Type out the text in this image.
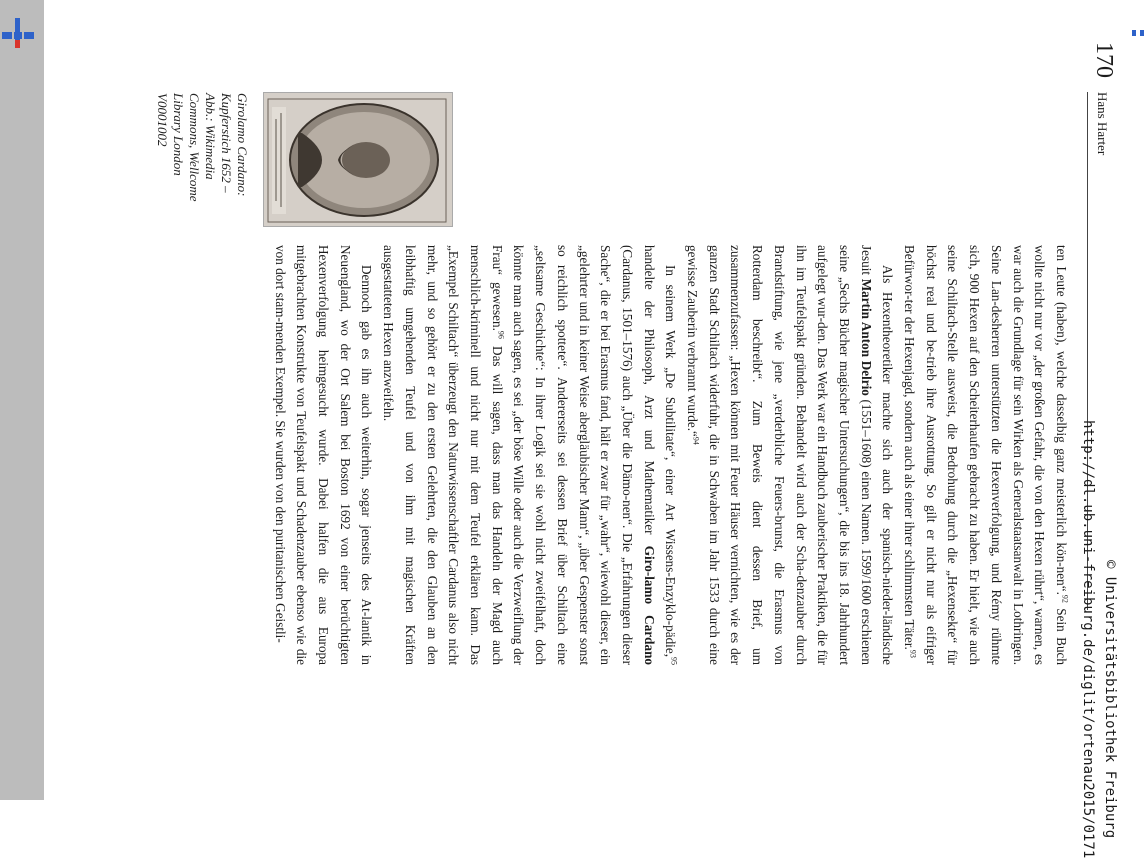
170
Hans Harter

ten Leute (haben), welche dasselbig ganz meisterlich kön-nen“.$^{92}$ Sein Buch wollte nicht nur vor „der großen Gefahr, die von den Hexen rührt“, warnen, es war auch die Grundlage für sein Wirken als Generalstaatsanwalt in Lothringen. Seine Lan-desherren unterstützten die Hexenverfolgung, und Rémy rühmte sich, 900 Hexen auf den Scheiterhaufen gebracht zu haben. Er hielt, wie auch seine Schiltach-Stelle ausweist, die Bedrohung durch die „Hexensekte“ für höchst real und be-trieb ihre Ausrottung. So gilt er nicht nur als eifriger Befürwor-ter der Hexenjagd, sondern auch als einer ihrer schlimmsten Täter.$^{93}$

Als Hexentheoretiker machte sich auch der spanisch-nieder-ländische Jesuit Martin Anton Delrio (1551–1608) einen Namen. 1599/1600 erschienen seine „Sechs Bücher magischer Untersuchungen“, die bis ins 18. Jahrhundert aufgelegt wur-den. Das Werk war ein Handbuch zauberischer Praktiken, die für ihn im Teufelspakt gründen. Behandelt wird auch der Scha-denzauber durch Brandstiftung, wie jene „verderbliche Feuers-brunst, die Erasmus von Rotterdam beschreibt“. Zum Beweis dient dessen Brief, um zusammenzufassen: „Hexen können mit Feuer Häuser vernichten, wie es der ganzen Stadt Schiltach widerfuhr, die in Schwaben im Jahr 1533 durch eine gewisse Zauberin verbrannt wurde.“$^{94}$

In seinem Werk „De Subtilitate“, einer Art Wissens-Enzyklo-pädie,$^{95}$ handelte der Philosoph, Arzt und Mathematiker Giro-lamo Cardano (Cardanus, 1501–1576) auch „Über die Dämo-nen“. Die „Erfahrungen dieser Sache“, die er bei Erasmus fand, hält er zwar für „wahr“, wiewohl dieser, ein „gelehrter und in keiner Weise abergläubischer Mann“, „über Gespenster sonst so reichlich spottete“. Andererseits sei dessen Brief über Schiltach eine „seltsame Geschichte“: In ihrer Logik sei sie wohl nicht zweifelhaft, doch könnte man auch sagen, es sei „der böse Wille oder auch die Verzweiflung der Frau“ gewesen.$^{96}$ Das will sagen, dass man das Handeln der Magd auch menschlich-kriminell und nicht nur mit dem Teufel erklären kann. Das „Exempel Schiltach“ überzeugt den Naturwissenschaftler Cardanus also nicht mehr, und so gehört er zu den ersten Gelehrten, die den Glauben an den leibhaftig umgehenden Teufel und von ihm mit magischen Kräften ausgestatteten Hexen anzweifeln.

Dennoch gab es ihn auch weiterhin, sogar jenseits des At-lantik in Neuengland, wo der Ort Salem bei Boston 1692 von einer berüchtigten Hexenverfolgung heimgesucht wurde. Dabei halfen die aus Europa mitgebrachten Konstrukte von Teufelspakt und Schadenzauber ebenso wie die von dort stam-menden Exempel. Sie wurden von den puritanischen Geistli-

Girolamo Cardano:
Kupferstich 1652 –
Abb.: Wikimedia
Commons, Wellcome
Library London
V0001002
http://dl.ub.uni-freiburg.de/diglit/ortenau2015/0171 © Universitätsbibliothek Freiburg
